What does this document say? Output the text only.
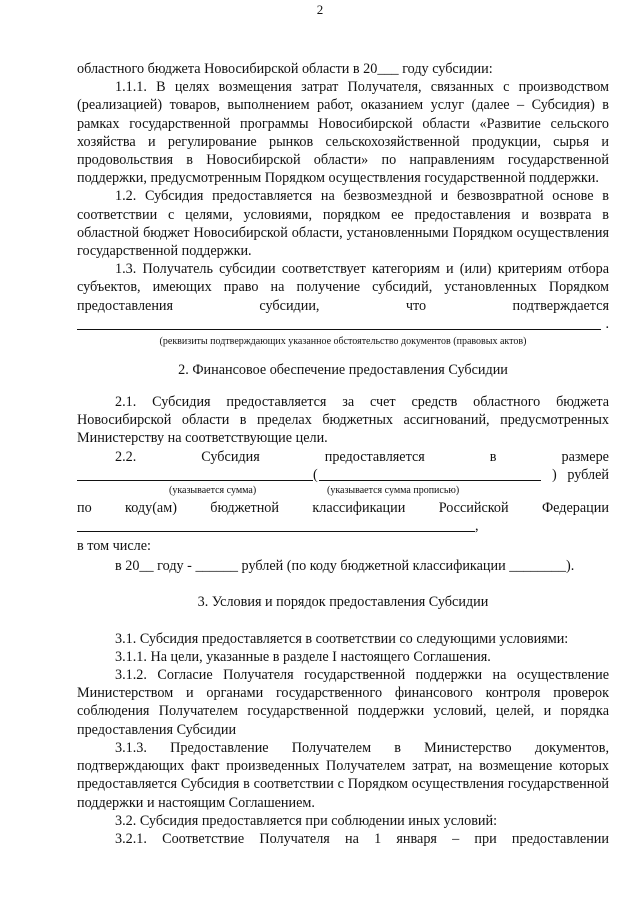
2

областного бюджета Новосибирской области в 20___ году субсидии:

1.1.1. В целях возмещения затрат Получателя, связанных с производством (реализацией) товаров, выполнением работ, оказанием услуг (далее – Субсидия) в рамках государственной программы Новосибирской области «Развитие сельского хозяйства и регулирование рынков сельскохозяйственной продукции, сырья и продовольствия в Новосибирской области» по направлениям государственной поддержки, предусмотренным Порядком осуществления государственной поддержки.

1.2. Субсидия предоставляется на безвозмездной и безвозвратной основе в соответствии с целями, условиями, порядком ее предоставления и возврата в областной бюджет Новосибирской области, установленными Порядком осуществления государственной поддержки.

1.3. Получатель субсидии соответствует категориям и (или) критериям отбора субъектов, имеющих право на получение субсидий, установленных Порядком предоставления субсидии, что подтверждается

.
(реквизиты подтверждающих указанное обстоятельство документов (правовых актов)

2. Финансовое обеспечение предоставления Субсидии

2.1. Субсидия предоставляется за счет средств областного бюджета Новосибирской области в пределах бюджетных ассигнований, предусмотренных Министерству на соответствующие цели.

2.2.	Субсидия	предоставляется	в	размере
(	)   рублей
(указывается сумма)	(указывается сумма прописью)
по коду(ам) бюджетной классификации Российской Федерации
,

в том числе:

в 20__ году - ______ рублей (по коду бюджетной классификации ________).

3. Условия и порядок предоставления Субсидии

3.1. Субсидия предоставляется в соответствии со следующими условиями:

3.1.1. На цели, указанные в разделе I настоящего Соглашения.

3.1.2. Согласие Получателя государственной поддержки на осуществление Министерством и органами государственного финансового контроля проверок соблюдения Получателем государственной поддержки условий, целей, и порядка предоставления Субсидии

3.1.3. Предоставление Получателем в Министерство документов, подтверждающих факт произведенных Получателем затрат, на возмещение которых предоставляется Субсидия в соответствии с Порядком осуществления государственной поддержки и настоящим Соглашением.

3.2. Субсидия предоставляется при соблюдении иных условий:

3.2.1. Соответствие Получателя на 1 января – при предоставлении
